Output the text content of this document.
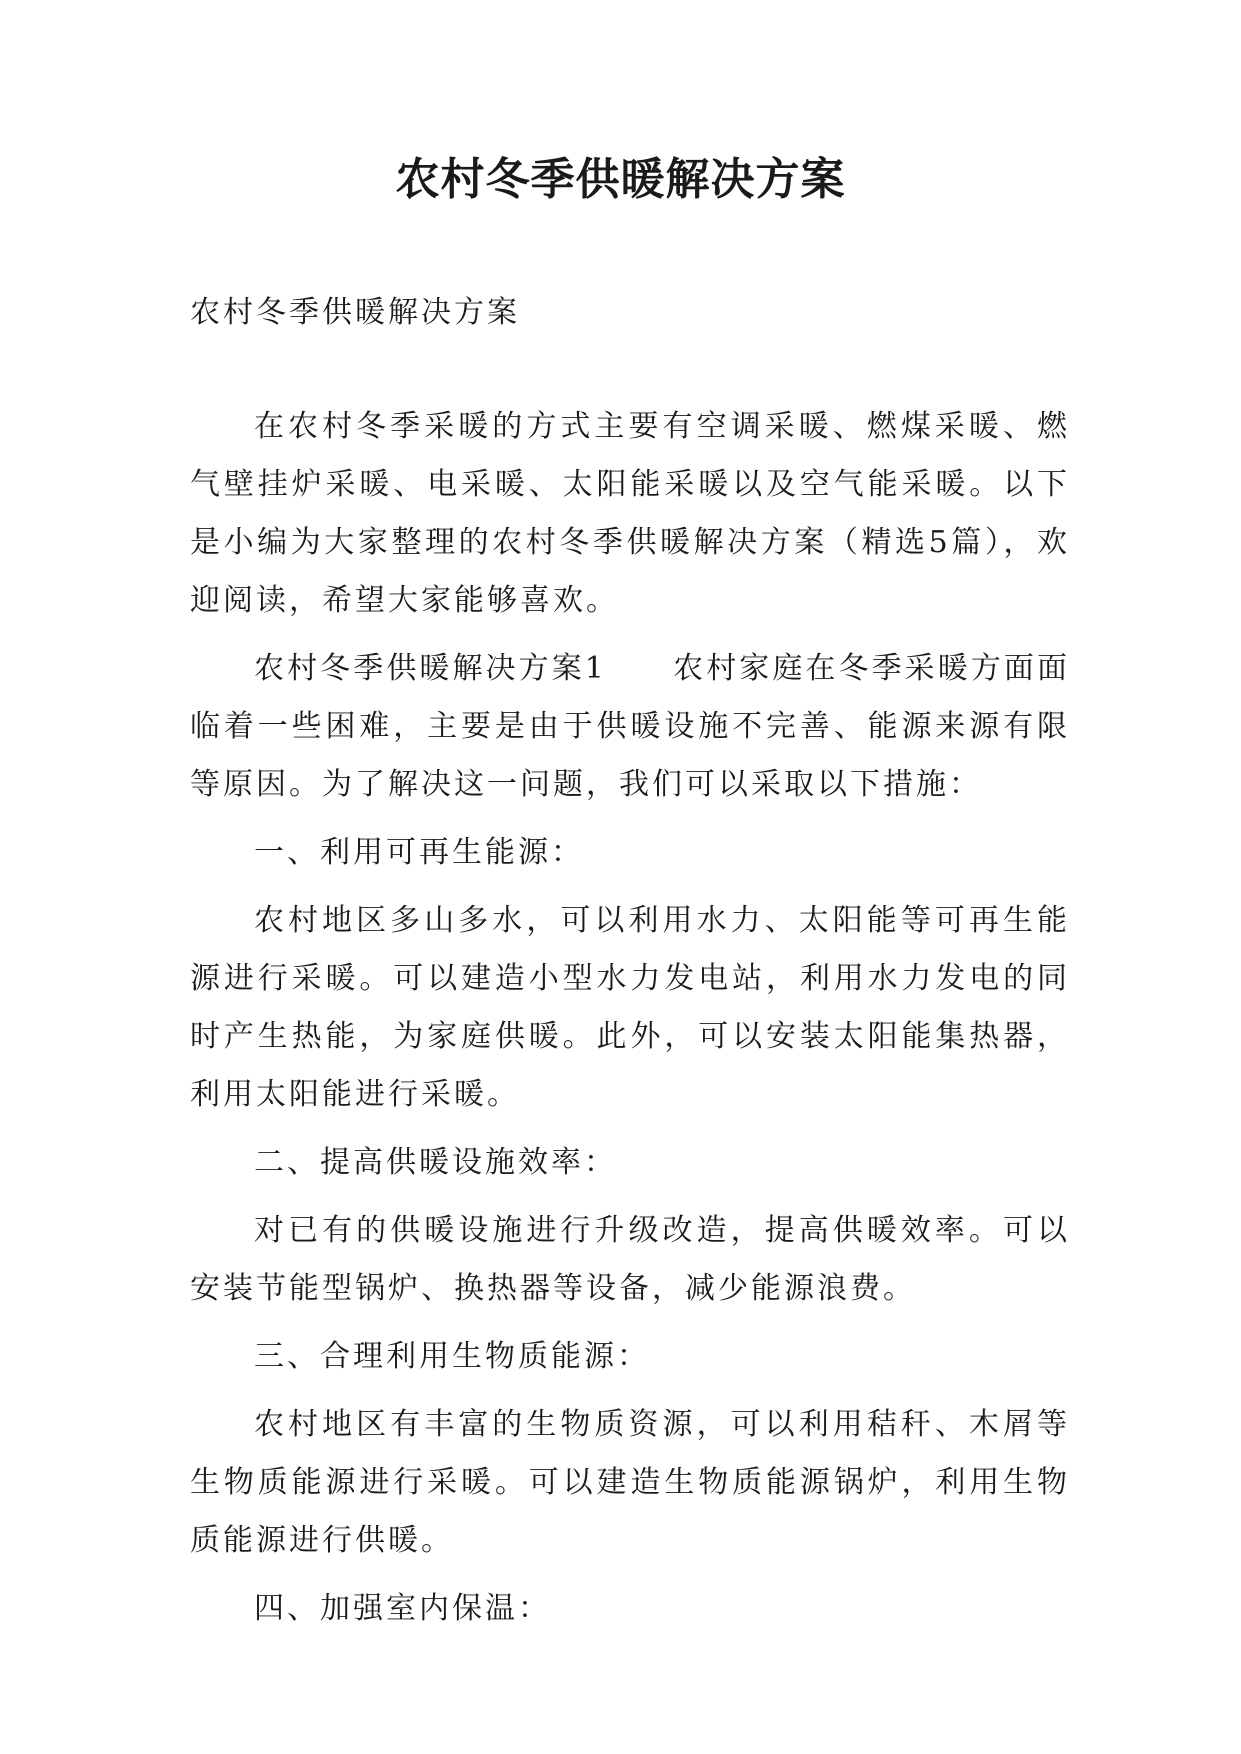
农村冬季供暖解决方案

农村冬季供暖解决方案

在农村冬季采暖的方式主要有空调采暖、燃煤采暖、燃气壁挂炉采暖、电采暖、太阳能采暖以及空气能采暖。以下是小编为大家整理的农村冬季供暖解决方案（精选5篇），欢迎阅读，希望大家能够喜欢。

农村冬季供暖解决方案1　　农村家庭在冬季采暖方面面临着一些困难，主要是由于供暖设施不完善、能源来源有限等原因。为了解决这一问题，我们可以采取以下措施：

一、利用可再生能源：

农村地区多山多水，可以利用水力、太阳能等可再生能源进行采暖。可以建造小型水力发电站，利用水力发电的同时产生热能，为家庭供暖。此外，可以安装太阳能集热器，利用太阳能进行采暖。

二、提高供暖设施效率：

对已有的供暖设施进行升级改造，提高供暖效率。可以安装节能型锅炉、换热器等设备，减少能源浪费。

三、合理利用生物质能源：

农村地区有丰富的生物质资源，可以利用秸秆、木屑等生物质能源进行采暖。可以建造生物质能源锅炉，利用生物质能源进行供暖。

四、加强室内保温：
